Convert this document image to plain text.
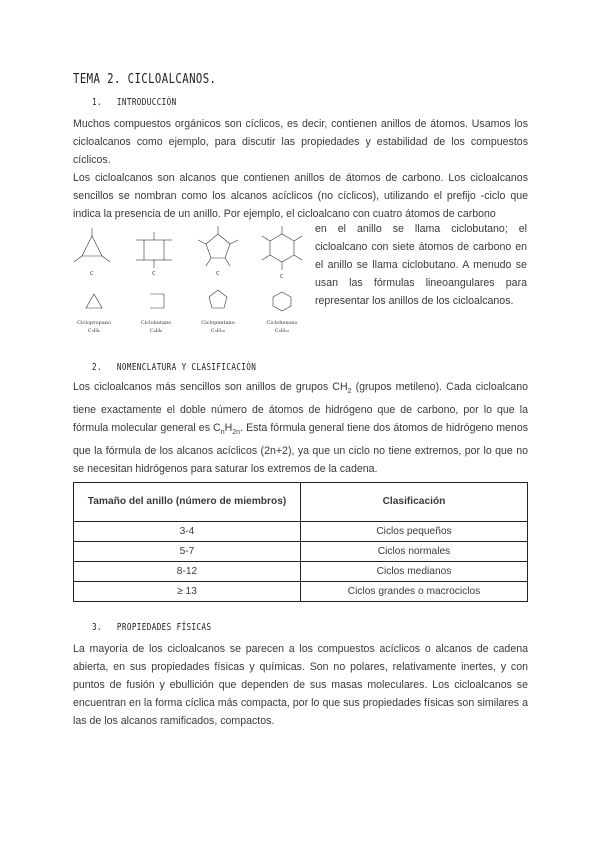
TEMA 2. CICLOALCANOS.
1. INTRODUCCIÓN

Muchos compuestos orgánicos son cíclicos, es decir, contienen anillos de átomos. Usamos los cicloalcanos como ejemplo, para discutir las propiedades y estabilidad de los compuestos cíclicos.

Los cicloalcanos son alcanos que contienen anillos de átomos de carbono. Los cicloalcanos sencillos se nombran como los alcanos acíclicos (no cíclicos), utilizando el prefijo -ciclo que indica la presencia de un anillo. Por ejemplo, el cicloalcano con cuatro átomos de carbono

C	C	C	C
Ciclopropano
C₃H₆
Ciclobutano
C₄H₈
Ciclopentano
C₅H₁₀
Ciclohexano
C₆H₁₂
en el anillo se llama ciclobutano; el cicloalcano con siete átomos de carbono en el anillo se llama ciclobutano. A menudo se usan las fórmulas lineoangulares para representar los anillos de los cicloalcanos.
2. NOMENCLATURA Y CLASIFICACIÓN

Los cicloalcanos más sencillos son anillos de grupos $CH_2$ (grupos metileno). Cada cicloalcano tiene exactamente el doble número de átomos de hidrógeno que de carbono, por lo que la fórmula molecular general es $C_nH_{2n}$. Esta fórmula general tiene dos átomos de hidrógeno menos que la fórmula de los alcanos acíclicos (2n+2), ya que un ciclo no tiene extremos, por lo que no se necesitan hidrógenos para saturar los extremos de la cadena.

Tamaño del anillo (número de miembros)	Clasificación
3-4	Ciclos pequeños
5-7	Ciclos normales
8-12	Ciclos medianos
≥ 13	Ciclos grandes o macrociclos
3. PROPIEDADES FÍSICAS

La mayoría de los cicloalcanos se parecen a los compuestos acíclicos o alcanos de cadena abierta, en sus propiedades físicas y químicas. Son no polares, relativamente inertes, y con puntos de fusión y ebullición que dependen de sus masas moleculares. Los cicloalcanos se encuentran en la forma cíclica más compacta, por lo que sus propiedades físicas son similares a las de los alcanos ramificados, compactos.
